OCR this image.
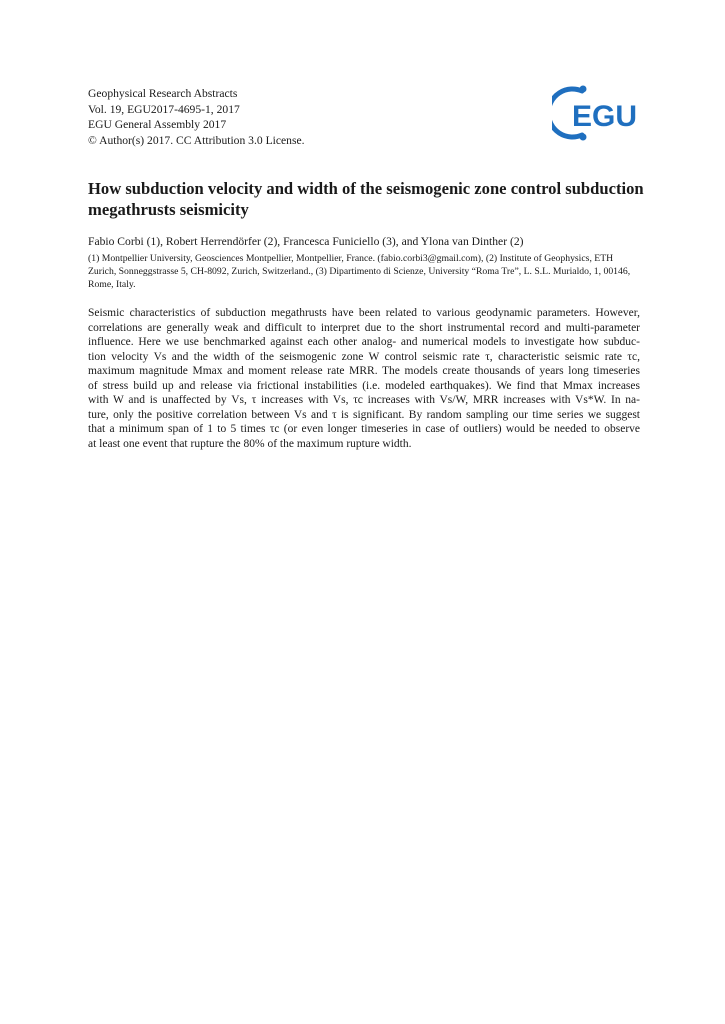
Geophysical Research Abstracts
Vol. 19, EGU2017-4695-1, 2017
EGU General Assembly 2017
© Author(s) 2017. CC Attribution 3.0 License.
EGU
How subduction velocity and width of the seismogenic zone control subduction megathrusts seismicity
Fabio Corbi (1), Robert Herrendörfer (2), Francesca Funiciello (3), and Ylona van Dinther (2)
(1) Montpellier University, Geosciences Montpellier, Montpellier, France. (fabio.corbi3@gmail.com), (2) Institute of Geophysics, ETH Zurich, Sonneggstrasse 5, CH-8092, Zurich, Switzerland., (3) Dipartimento di Scienze, University “Roma Tre”, L. S.L. Murialdo, 1, 00146, Rome, Italy.
Seismic characteristics of subduction megathrusts have been related to various geodynamic parameters. However,
correlations are generally weak and difficult to interpret due to the short instrumental record and multi-parameter
influence. Here we use benchmarked against each other analog- and numerical models to investigate how subduc-
tion velocity Vs and the width of the seismogenic zone W control seismic rate τ, characteristic seismic rate τc,
maximum magnitude Mmax and moment release rate MRR. The models create thousands of years long timeseries
of stress build up and release via frictional instabilities (i.e. modeled earthquakes). We find that Mmax increases
with W and is unaffected by Vs, τ increases with Vs, τc increases with Vs/W, MRR increases with Vs*W. In na-
ture, only the positive correlation between Vs and τ is significant. By random sampling our time series we suggest
that a minimum span of 1 to 5 times τc (or even longer timeseries in case of outliers) would be needed to observe
at least one event that rupture the 80% of the maximum rupture width.
